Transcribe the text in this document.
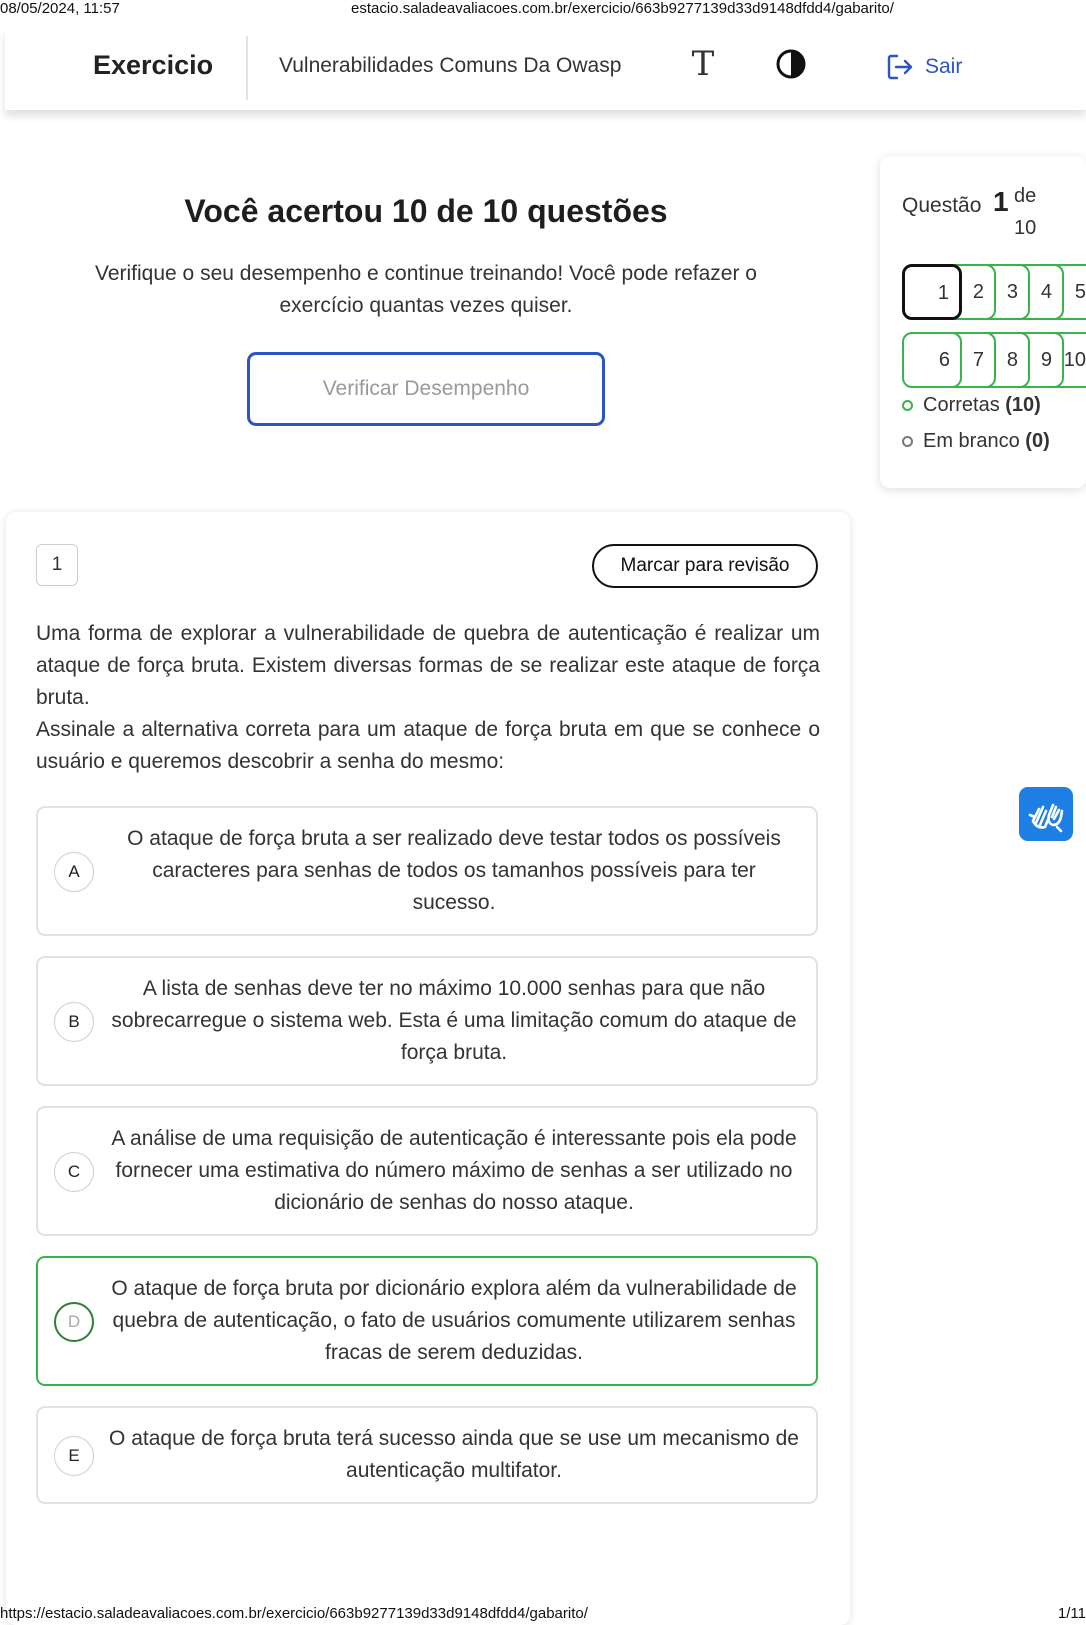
08/05/2024, 11:57	estacio.saladeavaliacoes.com.br/exercicio/663b9277139d33d9148dfdd4/gabarito/
Exercicio	Vulnerabilidades Comuns Da Owasp T	Sair
Você acertou 10 de 10 questões
Verifique o seu desempenho e continue treinando! Você pode refazer o exercício quantas vezes quiser.
Verificar Desempenho
Questão 1 de
10
5
4
3
2
1
10
9
8
7
6
Corretas (10)
Em branco (0)
1	Marcar para revisão

Uma forma de explorar a vulnerabilidade de quebra de autenticação é realizar um ataque de força bruta. Existem diversas formas de se realizar este ataque de força bruta.

Assinale a alternativa correta para um ataque de força bruta em que se conhece o usuário e queremos descobrir a senha do mesmo:

A
O ataque de força bruta a ser realizado deve testar todos os possíveis caracteres para senhas de todos os tamanhos possíveis para ter sucesso.
B
A lista de senhas deve ter no máximo 10.000 senhas para que não sobrecarregue o sistema web. Esta é uma limitação comum do ataque de força bruta.
C
A análise de uma requisição de autenticação é interessante pois ela pode fornecer uma estimativa do número máximo de senhas a ser utilizado no dicionário de senhas do nosso ataque.
D
O ataque de força bruta por dicionário explora além da vulnerabilidade de quebra de autenticação, o fato de usuários comumente utilizarem senhas fracas de serem deduzidas.
E
O ataque de força bruta terá sucesso ainda que se use um mecanismo de autenticação multifator.
https://estacio.saladeavaliacoes.com.br/exercicio/663b9277139d33d9148dfdd4/gabarito/	1/11
